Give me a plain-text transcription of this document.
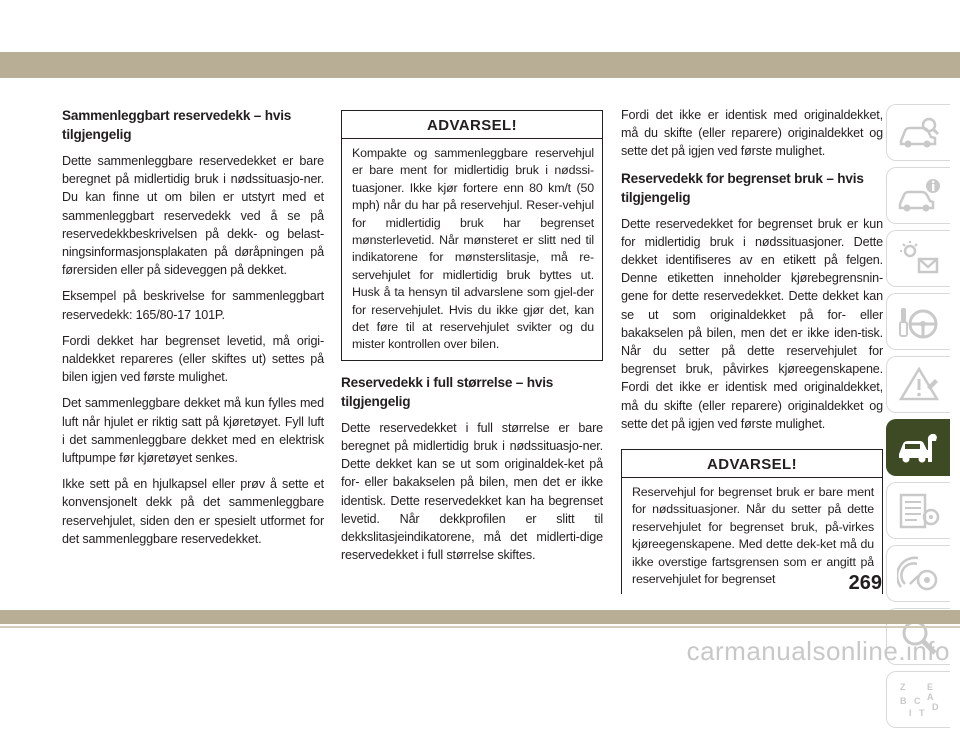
Sammenleggbart reservedekk – hvis tilgjengelig

Dette sammenleggbare reservedekket er bare beregnet på midlertidig bruk i nødssituasjo-ner. Du kan finne ut om bilen er utstyrt med et sammenleggbart reservedekk ved å se på reservedekkbeskrivelsen på dekk- og belast-ningsinformasjonsplakaten på døråpningen på førersiden eller på sideveggen på dekket.

Eksempel på beskrivelse for sammenleggbart reservedekk: 165/80-17 101P.

Fordi dekket har begrenset levetid, må origi-naldekket repareres (eller skiftes ut) settes på bilen igjen ved første mulighet.

Det sammenleggbare dekket må kun fylles med luft når hjulet er riktig satt på kjøretøyet. Fyll luft i det sammenleggbare dekket med en elektrisk luftpumpe før kjøretøyet senkes.

Ikke sett på en hjulkapsel eller prøv å sette et konvensjonelt dekk på det sammenleggbare reservehjulet, siden den er spesielt utformet for det sammenleggbare reservedekket.

ADVARSEL!
Kompakte og sammenleggbare reservehjul er bare ment for midlertidig bruk i nødssi-tuasjoner. Ikke kjør fortere enn 80 km/t (50 mph) når du har på reservehjul. Reser-vehjul for midlertidig bruk har begrenset mønsterlevetid. Når mønsteret er slitt ned til indikatorene for mønsterslitasje, må re-servehjulet for midlertidig bruk byttes ut. Husk å ta hensyn til advarslene som gjel-der for reservehjulet. Hvis du ikke gjør det, kan det føre til at reservehjulet svikter og du mister kontrollen over bilen.
Reservedekk i full størrelse – hvis tilgjengelig

Dette reservedekket i full størrelse er bare beregnet på midlertidig bruk i nødssituasjo-ner. Dette dekket kan se ut som originaldek-ket på for- eller bakakselen på bilen, men det er ikke identisk. Dette reservedekket kan ha begrenset levetid. Når dekkprofilen er slitt til dekkslitasjeindikatorene, må det midlerti-dige reservedekket i full størrelse skiftes.

Fordi det ikke er identisk med originaldekket, må du skifte (eller reparere) originaldekket og sette det på igjen ved første mulighet.

Reservedekk for begrenset bruk – hvis tilgjengelig

Dette reservedekket for begrenset bruk er kun for midlertidig bruk i nødssituasjoner. Dette dekket identifiseres av en etikett på felgen. Denne etiketten inneholder kjørebegrensnin-gene for dette reservedekket. Dette dekket kan se ut som originaldekket på for- eller bakakselen på bilen, men det er ikke iden-tisk. Når du setter på dette reservehjulet for begrenset bruk, påvirkes kjøreegenskapene. Fordi det ikke er identisk med originaldekket, må du skifte (eller reparere) originaldekket og sette det på igjen ved første mulighet.

ADVARSEL!
Reservehjul for begrenset bruk er bare ment for nødssituasjoner. Når du setter på dette reservehjulet for begrenset bruk, på-virkes kjøreegenskapene. Med dette dek-ket må du ikke overstige fartsgrensen som er angitt på reservehjulet for begrenset	269
Z E
B C A
D
I T
carmanualsonline.info
